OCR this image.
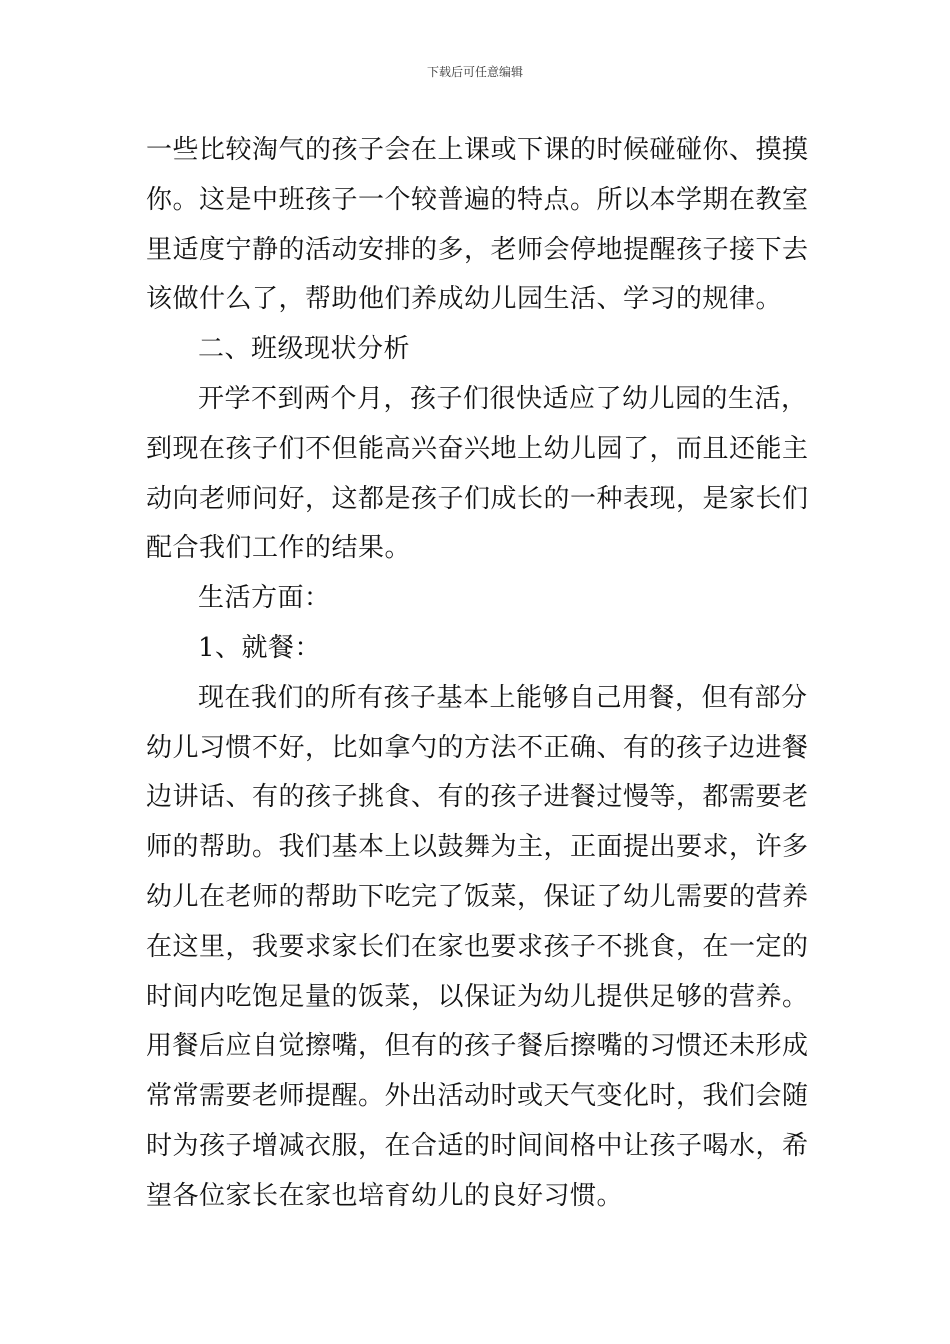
下载后可任意编辑
一些比较淘气的孩子会在上课或下课的时候碰碰你、摸摸
你。这是中班孩子一个较普遍的特点。所以本学期在教室
里适度宁静的活动安排的多，老师会停地提醒孩子接下去
该做什么了，帮助他们养成幼儿园生活、学习的规律。
二、班级现状分析
开学不到两个月，孩子们很快适应了幼儿园的生活，
到现在孩子们不但能高兴奋兴地上幼儿园了，而且还能主
动向老师问好，这都是孩子们成长的一种表现，是家长们
配合我们工作的结果。
生活方面：
1、就餐：
现在我们的所有孩子基本上能够自己用餐，但有部分
幼儿习惯不好，比如拿勺的方法不正确、有的孩子边进餐
边讲话、有的孩子挑食、有的孩子进餐过慢等，都需要老
师的帮助。我们基本上以鼓舞为主，正面提出要求，许多
幼儿在老师的帮助下吃完了饭菜，保证了幼儿需要的营养
在这里，我要求家长们在家也要求孩子不挑食，在一定的
时间内吃饱足量的饭菜，以保证为幼儿提供足够的营养。
用餐后应自觉擦嘴，但有的孩子餐后擦嘴的习惯还未形成
常常需要老师提醒。外出活动时或天气变化时，我们会随
时为孩子增减衣服，在合适的时间间格中让孩子喝水，希
望各位家长在家也培育幼儿的良好习惯。
